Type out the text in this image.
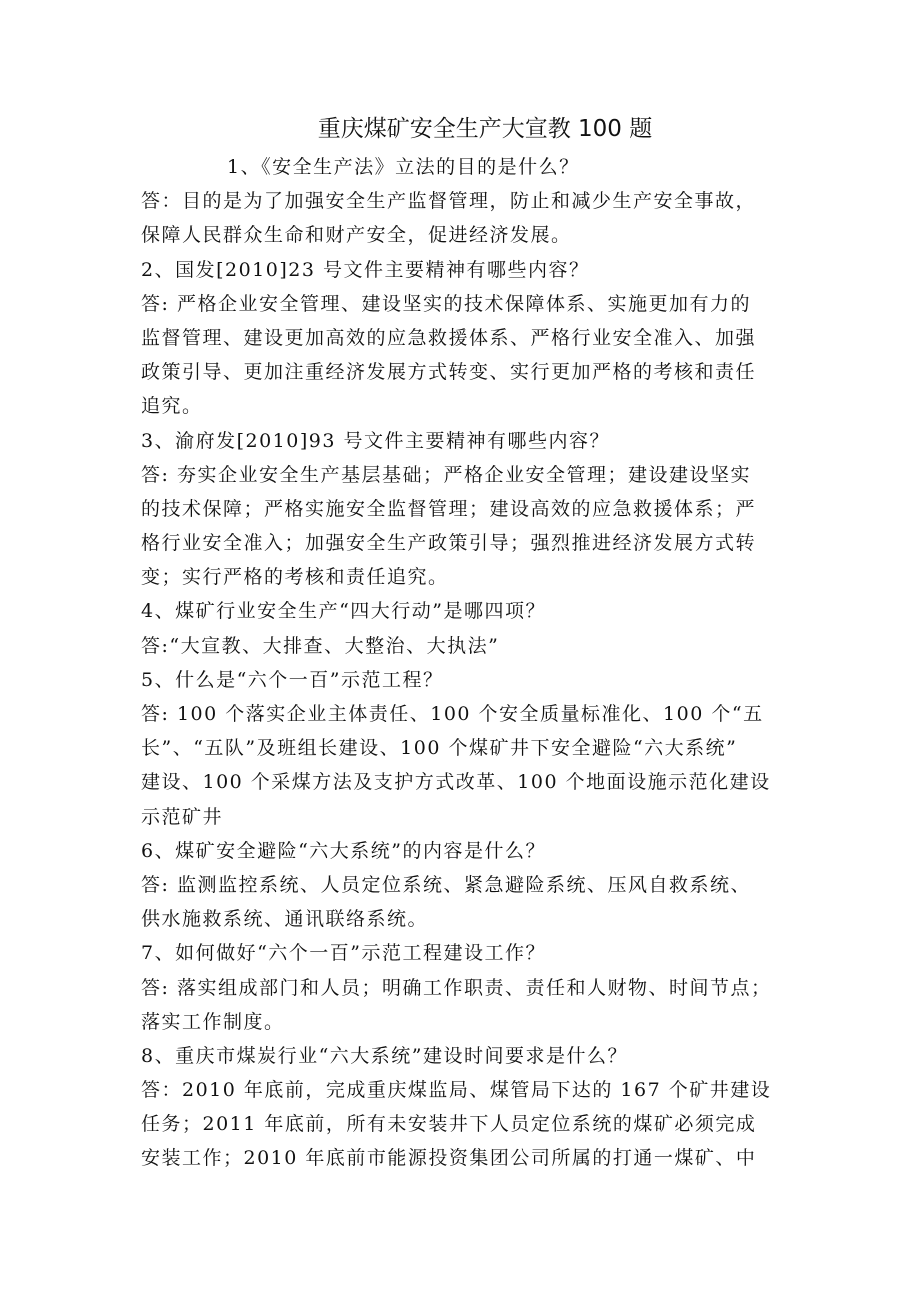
重庆煤矿安全生产大宣教 100 题
1、《安全生产法》立法的目的是什么？
答：目的是为了加强安全生产监督管理，防止和减少生产安全事故，
保障人民群众生命和财产安全，促进经济发展。
2、国发[2010]23 号文件主要精神有哪些内容？
答: 严格企业安全管理、建设坚实的技术保障体系、实施更加有力的
监督管理、建设更加高效的应急救援体系、严格行业安全准入、加强
政策引导、更加注重经济发展方式转变、实行更加严格的考核和责任
追究。
3、渝府发[2010]93 号文件主要精神有哪些内容？
答: 夯实企业安全生产基层基础；严格企业安全管理；建设建设坚实
的技术保障；严格实施安全监督管理；建设高效的应急救援体系；严
格行业安全准入；加强安全生产政策引导；强烈推进经济发展方式转
变；实行严格的考核和责任追究。
4、煤矿行业安全生产“四大行动”是哪四项？
答:“大宣教、大排查、大整治、大执法”
5、什么是“六个一百”示范工程？
答: 100 个落实企业主体责任、100 个安全质量标准化、100 个“五
长”、“五队”及班组长建设、100 个煤矿井下安全避险“六大系统”
建设、100 个采煤方法及支护方式改革、100 个地面设施示范化建设
示范矿井
6、煤矿安全避险“六大系统”的内容是什么？
答: 监测监控系统、人员定位系统、紧急避险系统、压风自救系统、
供水施救系统、通讯联络系统。
7、如何做好“六个一百”示范工程建设工作？
答: 落实组成部门和人员；明确工作职责、责任和人财物、时间节点；
落实工作制度。
8、重庆市煤炭行业“六大系统”建设时间要求是什么？
答：2010 年底前，完成重庆煤监局、煤管局下达的 167 个矿井建设
任务；2011 年底前，所有未安装井下人员定位系统的煤矿必须完成
安装工作；2010 年底前市能源投资集团公司所属的打通一煤矿、中
